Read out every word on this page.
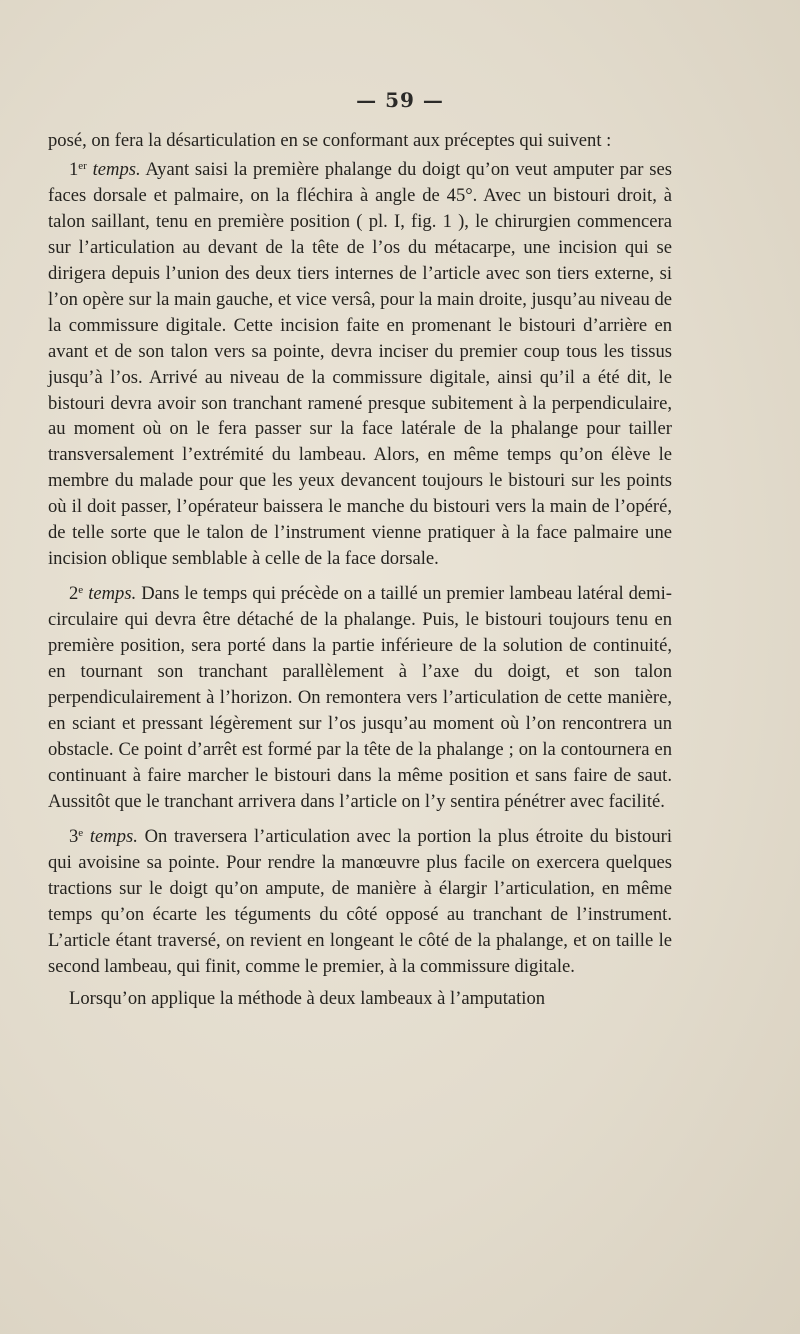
— 59 —

posé, on fera la désarticulation en se conformant aux préceptes qui suivent :

1er temps. Ayant saisi la première phalange du doigt qu’on veut amputer par ses faces dorsale et palmaire, on la fléchira à angle de 45°. Avec un bistouri droit, à talon saillant, tenu en première position ( pl. I, fig. 1 ), le chirurgien commencera sur l’articulation au devant de la tête de l’os du métacarpe, une incision qui se dirigera depuis l’union des deux tiers internes de l’article avec son tiers externe, si l’on opère sur la main gauche, et vice versâ, pour la main droite, jusqu’au niveau de la commissure digitale. Cette incision faite en promenant le bistouri d’arrière en avant et de son talon vers sa pointe, devra inciser du premier coup tous les tissus jusqu’à l’os. Arrivé au niveau de la commissure digitale, ainsi qu’il a été dit, le bistouri devra avoir son tranchant ramené presque subitement à la perpendiculaire, au moment où on le fera passer sur la face latérale de la phalange pour tailler transversalement l’extrémité du lambeau. Alors, en même temps qu’on élève le membre du malade pour que les yeux devancent toujours le bistouri sur les points où il doit passer, l’opérateur baissera le manche du bistouri vers la main de l’opéré, de telle sorte que le talon de l’instrument vienne pratiquer à la face palmaire une incision oblique semblable à celle de la face dorsale.

2e temps. Dans le temps qui précède on a taillé un premier lambeau latéral demi-circulaire qui devra être détaché de la phalange. Puis, le bistouri toujours tenu en première position, sera porté dans la partie inférieure de la solution de continuité, en tournant son tranchant parallèlement à l’axe du doigt, et son talon perpendiculairement à l’horizon. On remontera vers l’articulation de cette manière, en sciant et pressant légèrement sur l’os jusqu’au moment où l’on rencontrera un obstacle. Ce point d’arrêt est formé par la tête de la phalange ; on la contournera en continuant à faire marcher le bistouri dans la même position et sans faire de saut. Aussitôt que le tranchant arrivera dans l’article on l’y sentira pénétrer avec facilité.

3e temps. On traversera l’articulation avec la portion la plus étroite du bistouri qui avoisine sa pointe. Pour rendre la manœuvre plus facile on exercera quelques tractions sur le doigt qu’on ampute, de manière à élargir l’articulation, en même temps qu’on écarte les téguments du côté opposé au tranchant de l’instrument. L’article étant traversé, on revient en longeant le côté de la phalange, et on taille le second lambeau, qui finit, comme le premier, à la commissure digitale.

Lorsqu’on applique la méthode à deux lambeaux à l’amputation
